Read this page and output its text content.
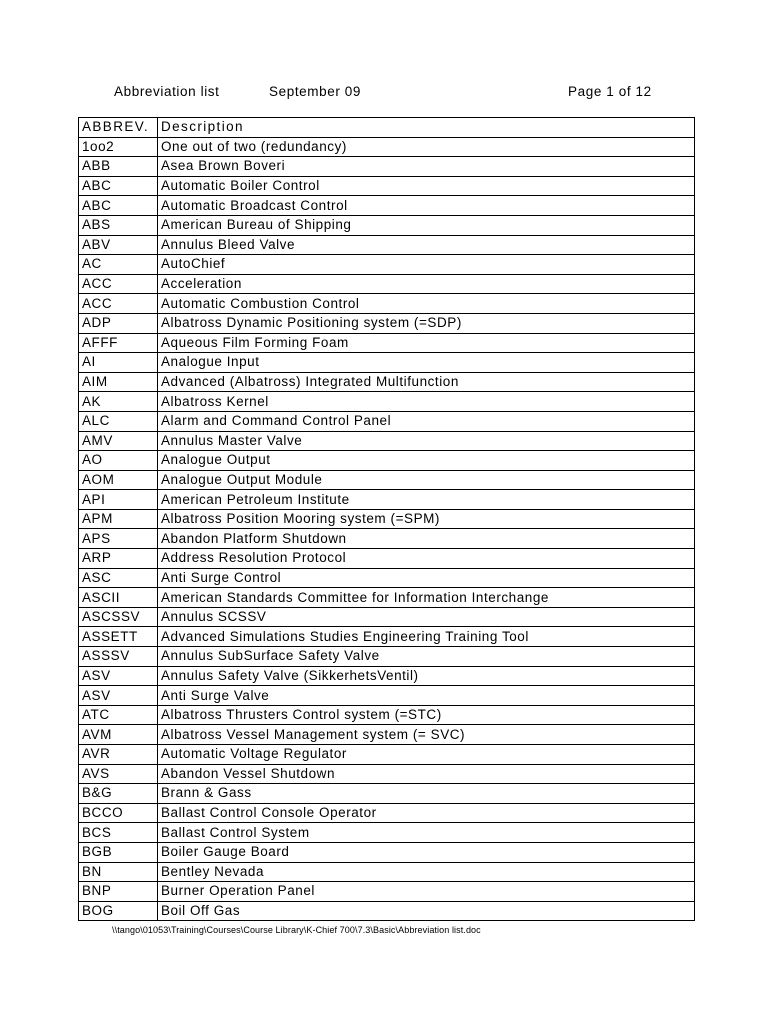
Abbreviation list	September 09	Page 1 of 12
ABBREV.	Description
1oo2	One out of two (redundancy)
ABB	Asea Brown Boveri
ABC	Automatic Boiler Control
ABC	Automatic Broadcast Control
ABS	American Bureau of Shipping
ABV	Annulus Bleed Valve
AC	AutoChief
ACC	Acceleration
ACC	Automatic Combustion Control
ADP	Albatross Dynamic Positioning system (=SDP)
AFFF	Aqueous Film Forming Foam
AI	Analogue Input
AIM	Advanced (Albatross) Integrated Multifunction
AK	Albatross Kernel
ALC	Alarm and Command Control Panel
AMV	Annulus Master Valve
AO	Analogue Output
AOM	Analogue Output Module
API	American Petroleum Institute
APM	Albatross Position Mooring system (=SPM)
APS	Abandon Platform Shutdown
ARP	Address Resolution Protocol
ASC	Anti Surge Control
ASCII	American Standards Committee for Information Interchange
ASCSSV	Annulus SCSSV
ASSETT	Advanced Simulations Studies Engineering Training Tool
ASSSV	Annulus SubSurface Safety Valve
ASV	Annulus Safety Valve (SikkerhetsVentil)
ASV	Anti Surge Valve
ATC	Albatross Thrusters Control system (=STC)
AVM	Albatross Vessel Management system (= SVC)
AVR	Automatic Voltage Regulator
AVS	Abandon Vessel Shutdown
B&G	Brann & Gass
BCCO	Ballast Control Console Operator
BCS	Ballast Control System
BGB	Boiler Gauge Board
BN	Bentley Nevada
BNP	Burner Operation Panel
BOG	Boil Off Gas
\\tango\01053\Training\Courses\Course Library\K-Chief 700\7.3\Basic\Abbreviation list.doc
